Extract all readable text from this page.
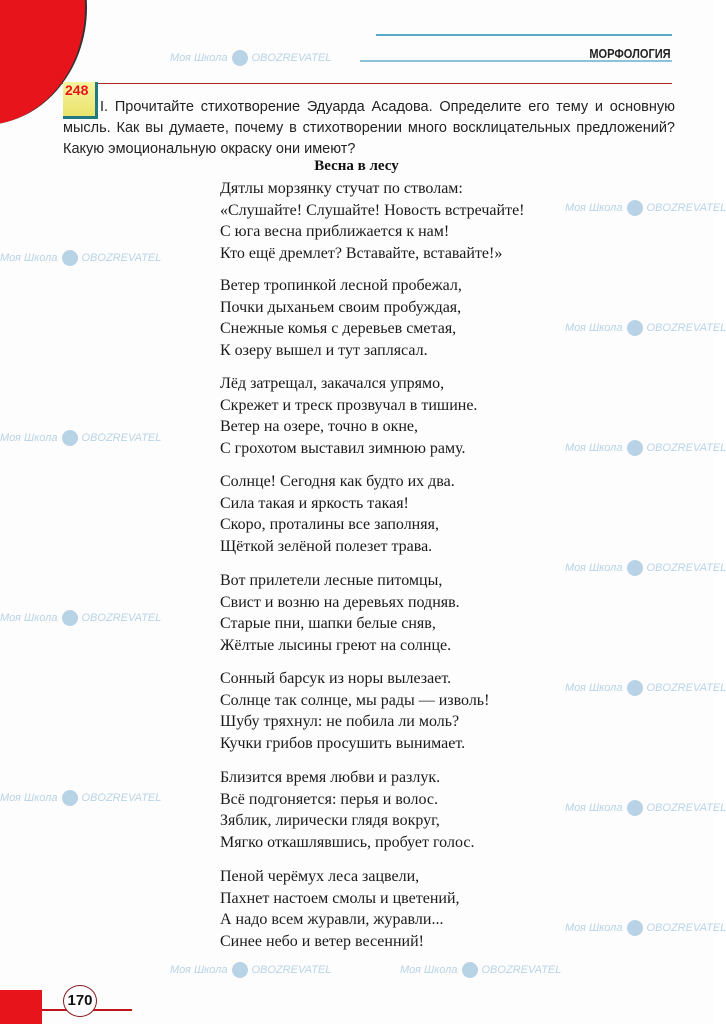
МОРФОЛОГИЯ
Моя Школа OBOZREVATEL
Моя Школа OBOZREVATEL
Моя Школа OBOZREVATEL
Моя Школа OBOZREVATEL
Моя Школа OBOZREVATEL
Моя Школа OBOZREVATEL
Моя Школа OBOZREVATEL
Моя Школа OBOZREVATEL
Моя Школа OBOZREVATEL
Моя Школа OBOZREVATEL
Моя Школа OBOZREVATEL
Моя Школа OBOZREVATEL
Моя Школа OBOZREVATEL	Моя Школа OBOZREVATEL
248
I. Прочитайте стихотворение Эдуарда Асадова. Определите его тему и основную мысль. Как вы думаете, почему в стихотворении много восклицательных предложений? Какую эмоциональную окраску они имеют?
Весна в лесу
Дятлы морзянку стучат по стволам:
«Слушайте! Слушайте! Новость встречайте!
С юга весна приближается к нам!
Кто ещё дремлет? Вставайте, вставайте!»
Ветер тропинкой лесной пробежал,
Почки дыханьем своим пробуждая,
Снежные комья с деревьев сметая,
К озеру вышел и тут заплясал.
Лёд затрещал, закачался упрямо,
Скрежет и треск прозвучал в тишине.
Ветер на озере, точно в окне,
С грохотом выставил зимнюю раму.
Солнце! Сегодня как будто их два.
Сила такая и яркость такая!
Скоро, проталины все заполняя,
Щёткой зелёной полезет трава.
Вот прилетели лесные питомцы,
Свист и возню на деревьях подняв.
Старые пни, шапки белые сняв,
Жёлтые лысины греют на солнце.
Сонный барсук из норы вылезает.
Солнце так солнце, мы рады — изволь!
Шубу тряхнул: не побила ли моль?
Кучки грибов просушить вынимает.
Близится время любви и разлук.
Всё подгоняется: перья и волос.
Зяблик, лирически глядя вокруг,
Мягко откашлявшись, пробует голос.
Пеной черёмух леса зацвели,
Пахнет настоем смолы и цветений,
А надо всем журавли, журавли...
Синее небо и ветер весенний!
170
